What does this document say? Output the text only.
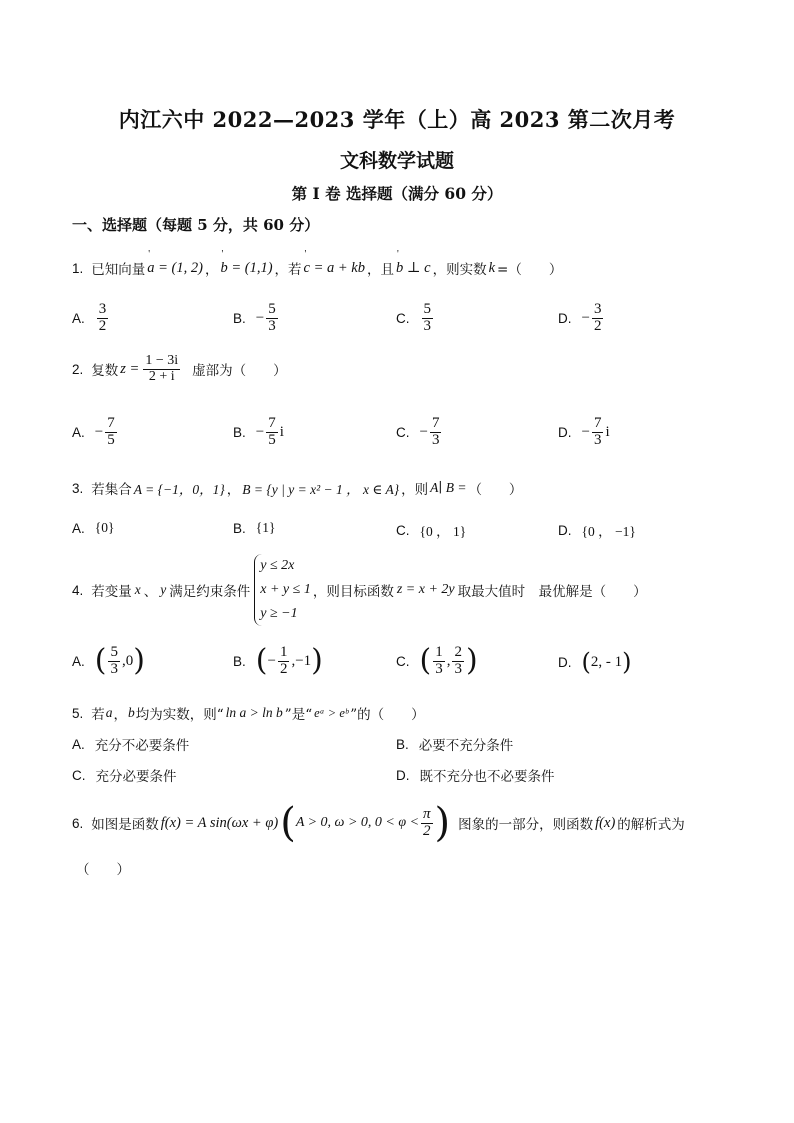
内江六中 2022—2023 学年（上）高 2023 第二次月考
文科数学试题
第 I 卷 选择题（满分 60 分）
一、选择题（每题 5 分，共 60 分）
1. 已知向量 ' a = (1, 2) ， ' b = (1,1) ，若 ' c = a + kb ，且 ' b ⊥ c ，则实数 k =（　　）
A. $\frac{3}{2}$	B. − $\frac{5}{3}$	C. $\frac{5}{3}$	D. − $\frac{3}{2}$
2. 复数 $z = \frac{1 - 3i}{2 + i}$ 虚部为（　　）
A. − $\frac{7}{5}$	B. − $\frac{7}{5}$ i	C. − $\frac{7}{3}$	D. − $\frac{7}{3}$ i
3. 若集合 A = {−1，0，1} ， B = {y | y = x² − 1 ， x ∈ A} ，则 A∣ B = （　　）
A. {0}	B. {1}	C. {0 ， 1}	D. {0 ， −1}
4. 若变量 x 、 y 满足约束条件
y ≤ 2x
x + y ≤ 1
y ≥ −1
，则目标函数 z = x + 2y 取最大值时　最优解是（　　）
A. ( $\frac{5}{3}$ , 0 )	B. ( − $\frac{1}{2}$ , −1 )	C. ( $\frac{1}{3}$ , $\frac{2}{3}$ )	D. ( 2, - 1 )
5. 若 a ， b 均为实数，则“ ln a > ln b ”是“ eᵃ > eᵇ ”的（　　）
A. 充分不必要条件	B. 必要不充分条件
C. 充分必要条件	D. 既不充分也不必要条件
6. 如图是函数 f(x) = A sin(ωx + φ) ( A > 0, ω > 0, $0 < \varphi < \frac{\pi}{2}$ ) 图象的一部分，则函数 f(x) 的解析式为
（　　）
